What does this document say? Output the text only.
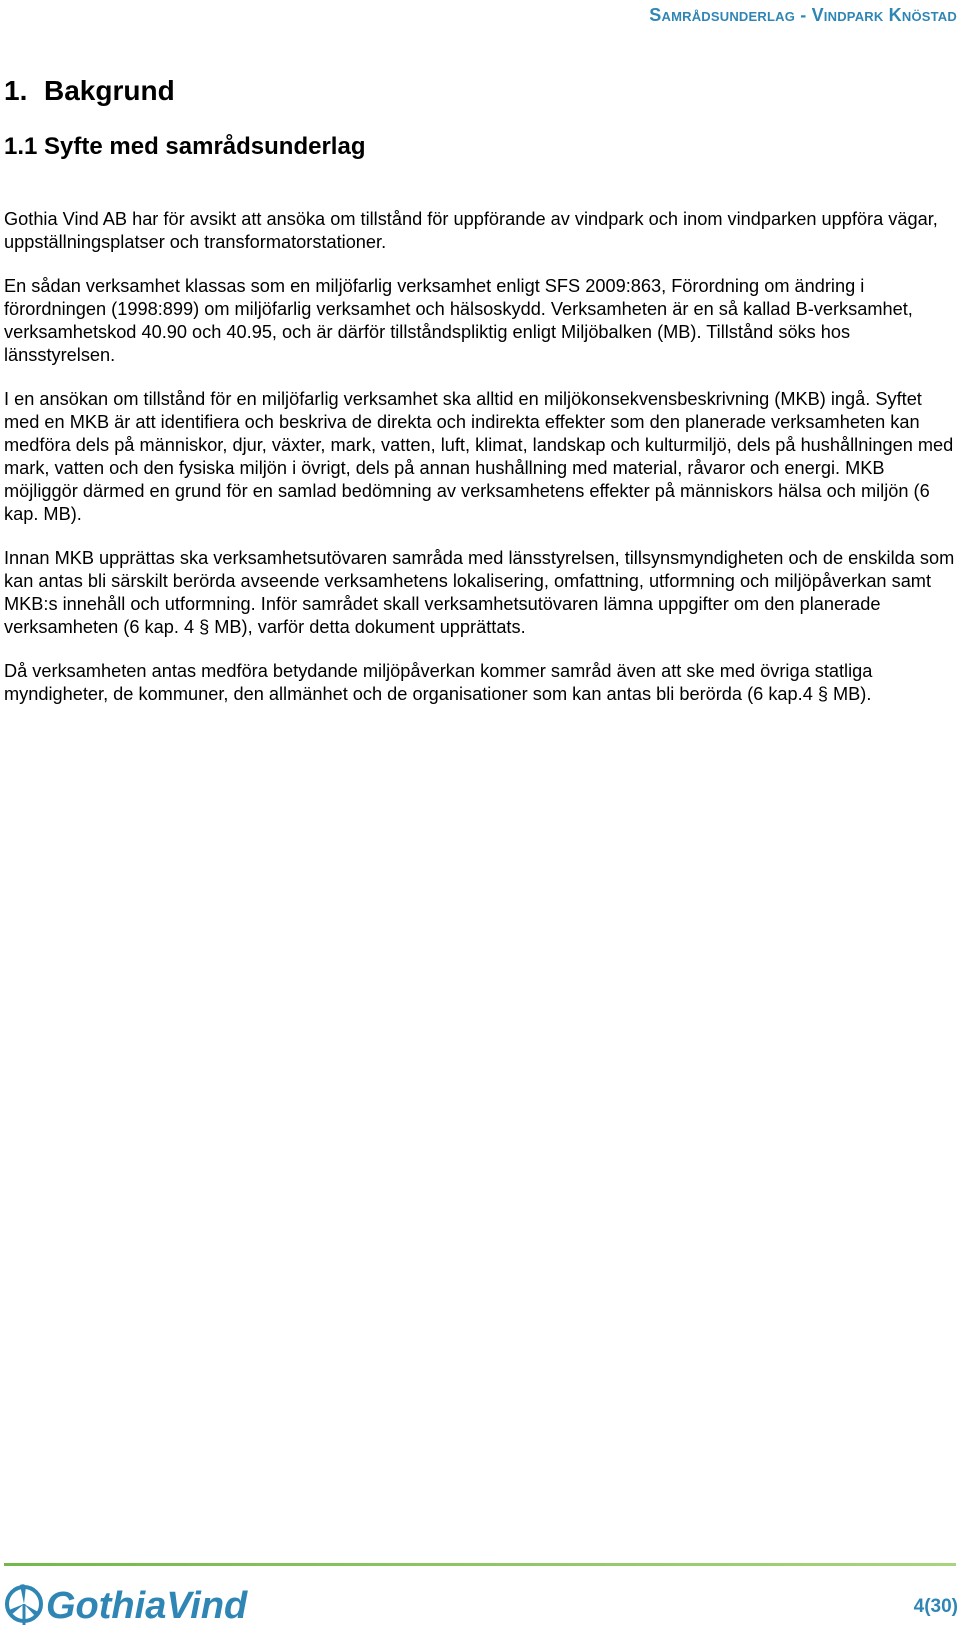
Samrådsunderlag - Vindpark Knöstad
1. Bakgrund
1.1 Syfte med samrådsunderlag

Gothia Vind AB har för avsikt att ansöka om tillstånd för uppförande av vindpark och inom vindparken uppföra vägar, uppställningsplatser och transformatorstationer.

En sådan verksamhet klassas som en miljöfarlig verksamhet enligt SFS 2009:863, Förordning om ändring i förordningen (1998:899) om miljöfarlig verksamhet och hälsoskydd. Verksamheten är en så kallad B-verksamhet, verksamhetskod 40.90 och 40.95, och är därför tillståndspliktig enligt Miljöbalken (MB). Tillstånd söks hos länsstyrelsen.

I en ansökan om tillstånd för en miljöfarlig verksamhet ska alltid en miljökonsekvensbeskrivning (MKB) ingå. Syftet med en MKB är att identifiera och beskriva de direkta och indirekta effekter som den planerade verksamheten kan medföra dels på människor, djur, växter, mark, vatten, luft, klimat, landskap och kulturmiljö, dels på hushållningen med mark, vatten och den fysiska miljön i övrigt, dels på annan hushållning med material, råvaror och energi. MKB möjliggör därmed en grund för en samlad bedömning av verksamhetens effekter på människors hälsa och miljön (6 kap. MB).

Innan MKB upprättas ska verksamhetsutövaren samråda med länsstyrelsen, tillsynsmyndigheten och de enskilda som kan antas bli särskilt berörda avseende verksamhetens lokalisering, omfattning, utformning och miljöpåverkan samt MKB:s innehåll och utformning. Inför samrådet skall verksamhetsutövaren lämna uppgifter om den planerade verksamheten (6 kap. 4 § MB), varför detta dokument upprättats.

Då verksamheten antas medföra betydande miljöpåverkan kommer samråd även att ske med övriga statliga myndigheter, de kommuner, den allmänhet och de organisationer som kan antas bli berörda (6 kap.4 § MB).

GothiaVind	4(30)
